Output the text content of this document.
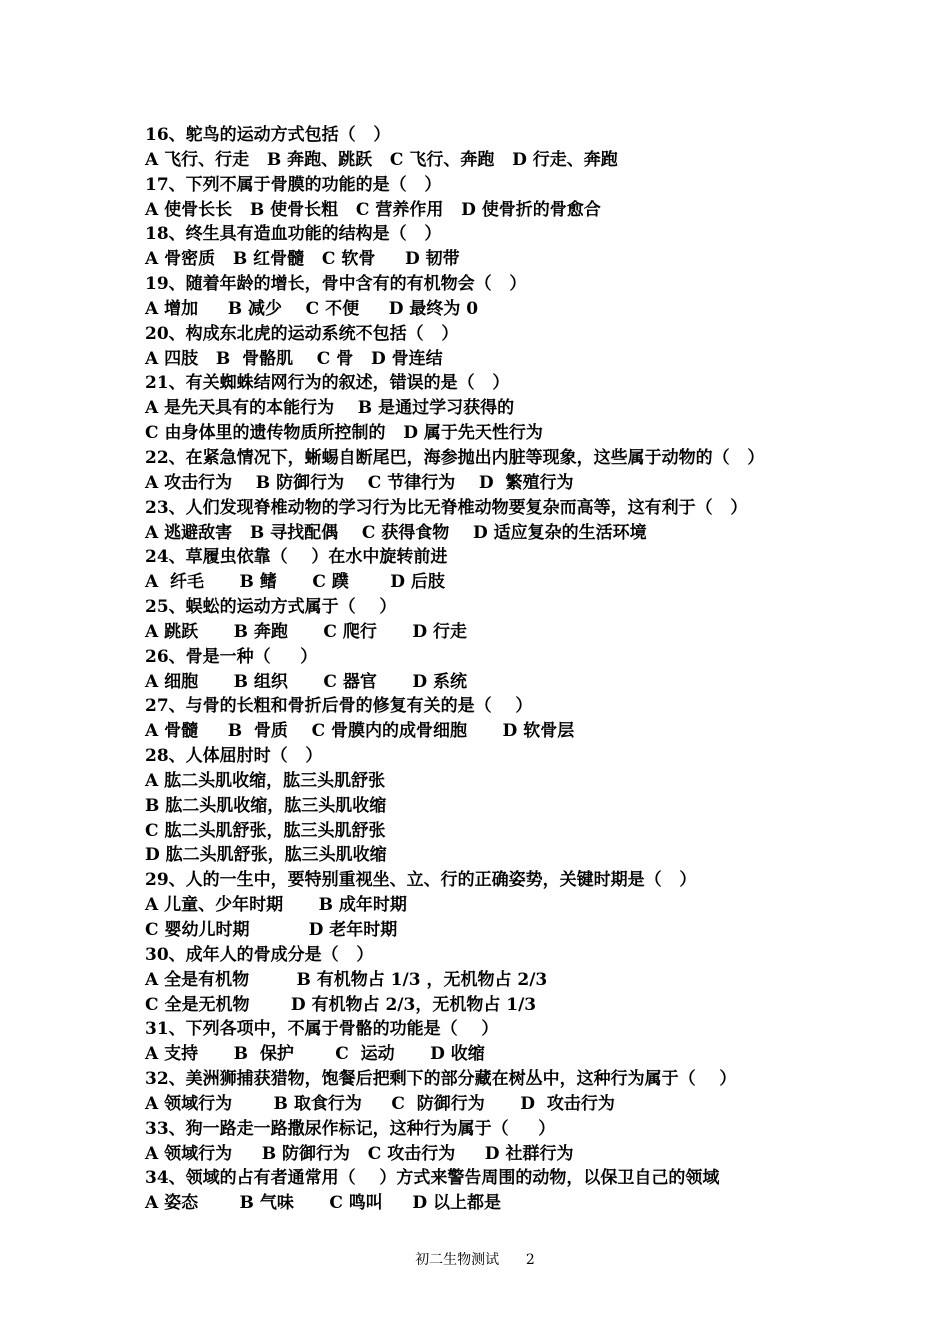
16、鸵鸟的运动方式包括（   ）
A 飞行、行走   B 奔跑、跳跃   C 飞行、奔跑   D 行走、奔跑
17、下列不属于骨膜的功能的是（   ）
A 使骨长长   B 使骨长粗   C 营养作用   D 使骨折的骨愈合
18、终生具有造血功能的结构是（   ）
A 骨密质   B 红骨髓   C 软骨     D 韧带
19、随着年龄的增长，骨中含有的有机物会（   ）
A 增加     B 减少    C 不便     D 最终为 0
20、构成东北虎的运动系统不包括（   ）
A 四肢   B  骨骼肌    C 骨   D 骨连结
21、有关蜘蛛结网行为的叙述，错误的是（   ）
A 是先天具有的本能行为    B 是通过学习获得的
C 由身体里的遗传物质所控制的   D 属于先天性行为
22、在紧急情况下，蜥蜴自断尾巴，海参抛出内脏等现象，这些属于动物的（   ）
A 攻击行为    B 防御行为    C 节律行为    D  繁殖行为
23、人们发现脊椎动物的学习行为比无脊椎动物要复杂而高等，这有利于（   ）
A 逃避敌害   B 寻找配偶    C 获得食物    D 适应复杂的生活环境
24、草履虫依靠（    ）在水中旋转前进
A  纤毛      B 鳍      C 蹼       D 后肢
25、蜈蚣的运动方式属于（    ）
A 跳跃      B 奔跑      C 爬行      D 行走
26、骨是一种（     ）
A 细胞      B 组织      C 器官      D 系统
27、与骨的长粗和骨折后骨的修复有关的是（    ）
A 骨髓     B  骨质    C 骨膜内的成骨细胞      D 软骨层
28、人体屈肘时（   ）
A 肱二头肌收缩，肱三头肌舒张
B 肱二头肌收缩，肱三头肌收缩
C 肱二头肌舒张，肱三头肌舒张
D 肱二头肌舒张，肱三头肌收缩
29、人的一生中，要特别重视坐、立、行的正确姿势，关键时期是（   ）
A 儿童、少年时期      B 成年时期
C 婴幼儿时期          D 老年时期
30、成年人的骨成分是（   ）
A 全是有机物        B 有机物占 1/3 ，无机物占 2/3
C 全是无机物       D 有机物占 2/3，无机物占 1/3
31、下列各项中，不属于骨骼的功能是（    ）
A 支持      B  保护       C  运动      D 收缩
32、美洲狮捕获猎物，饱餐后把剩下的部分藏在树丛中，这种行为属于（    ）
A 领域行为       B 取食行为     C  防御行为      D  攻击行为
33、狗一路走一路撒尿作标记，这种行为属于（     ）
A 领域行为     B 防御行为   C 攻击行为     D 社群行为
34、领域的占有者通常用（    ）方式来警告周围的动物，以保卫自己的领域
A 姿态       B 气味      C 鸣叫     D 以上都是
初二生物测试 2
